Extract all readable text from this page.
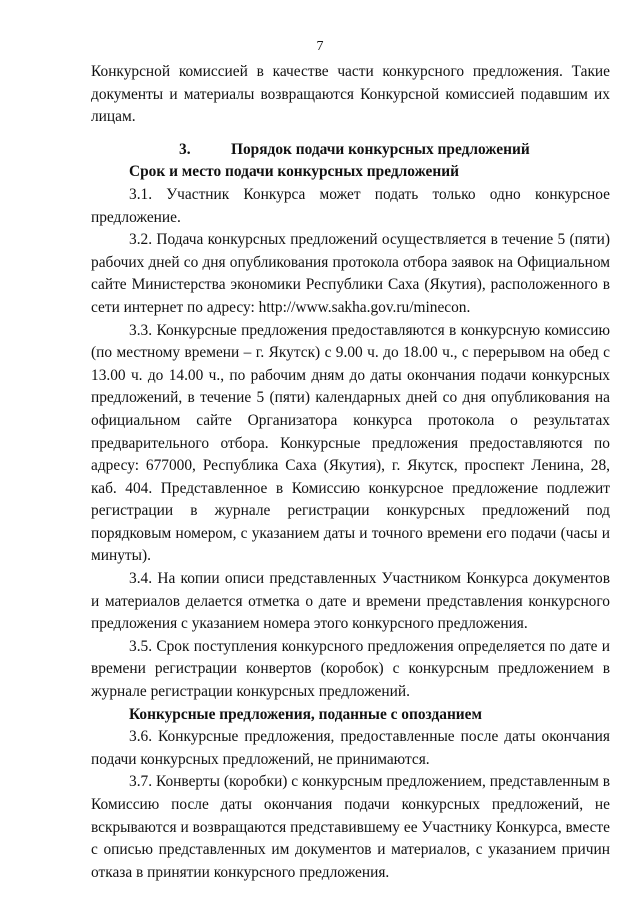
7

Конкурсной комиссией в качестве части конкурсного предложения. Такие документы и материалы возвращаются Конкурсной комиссией подавшим их лицам.

3.	Порядок подачи конкурсных предложений

Срок и место подачи конкурсных предложений

3.1. Участник Конкурса может подать только одно конкурсное предложение.

3.2. Подача конкурсных предложений осуществляется в течение 5 (пяти) рабочих дней со дня опубликования протокола отбора заявок на Официальном сайте Министерства экономики Республики Саха (Якутия), расположенного в сети интернет по адресу: http://www.sakha.gov.ru/minecon.

3.3. Конкурсные предложения предоставляются в конкурсную комиссию (по местному времени – г. Якутск) с 9.00 ч. до 18.00 ч., с перерывом на обед с 13.00 ч. до 14.00 ч., по рабочим дням до даты окончания подачи конкурсных предложений, в течение 5 (пяти) календарных дней со дня опубликования на официальном сайте Организатора конкурса протокола о результатах предварительного отбора. Конкурсные предложения предоставляются по адресу: 677000, Республика Саха (Якутия), г. Якутск, проспект Ленина, 28, каб. 404. Представленное в Комиссию конкурсное предложение подлежит регистрации в журнале регистрации конкурсных предложений под порядковым номером, с указанием даты и точного времени его подачи (часы и минуты).

3.4. На копии описи представленных Участником Конкурса документов и материалов делается отметка о дате и времени представления конкурсного предложения с указанием номера этого конкурсного предложения.

3.5. Срок поступления конкурсного предложения определяется по дате и времени регистрации конвертов (коробок) с конкурсным предложением в журнале регистрации конкурсных предложений.

Конкурсные предложения, поданные с опозданием

3.6. Конкурсные предложения, предоставленные после даты окончания подачи конкурсных предложений, не принимаются.

3.7. Конверты (коробки) с конкурсным предложением, представленным в Комиссию после даты окончания подачи конкурсных предложений, не вскрываются и возвращаются представившему ее Участнику Конкурса, вместе с описью представленных им документов и материалов, с указанием причин отказа в принятии конкурсного предложения.
